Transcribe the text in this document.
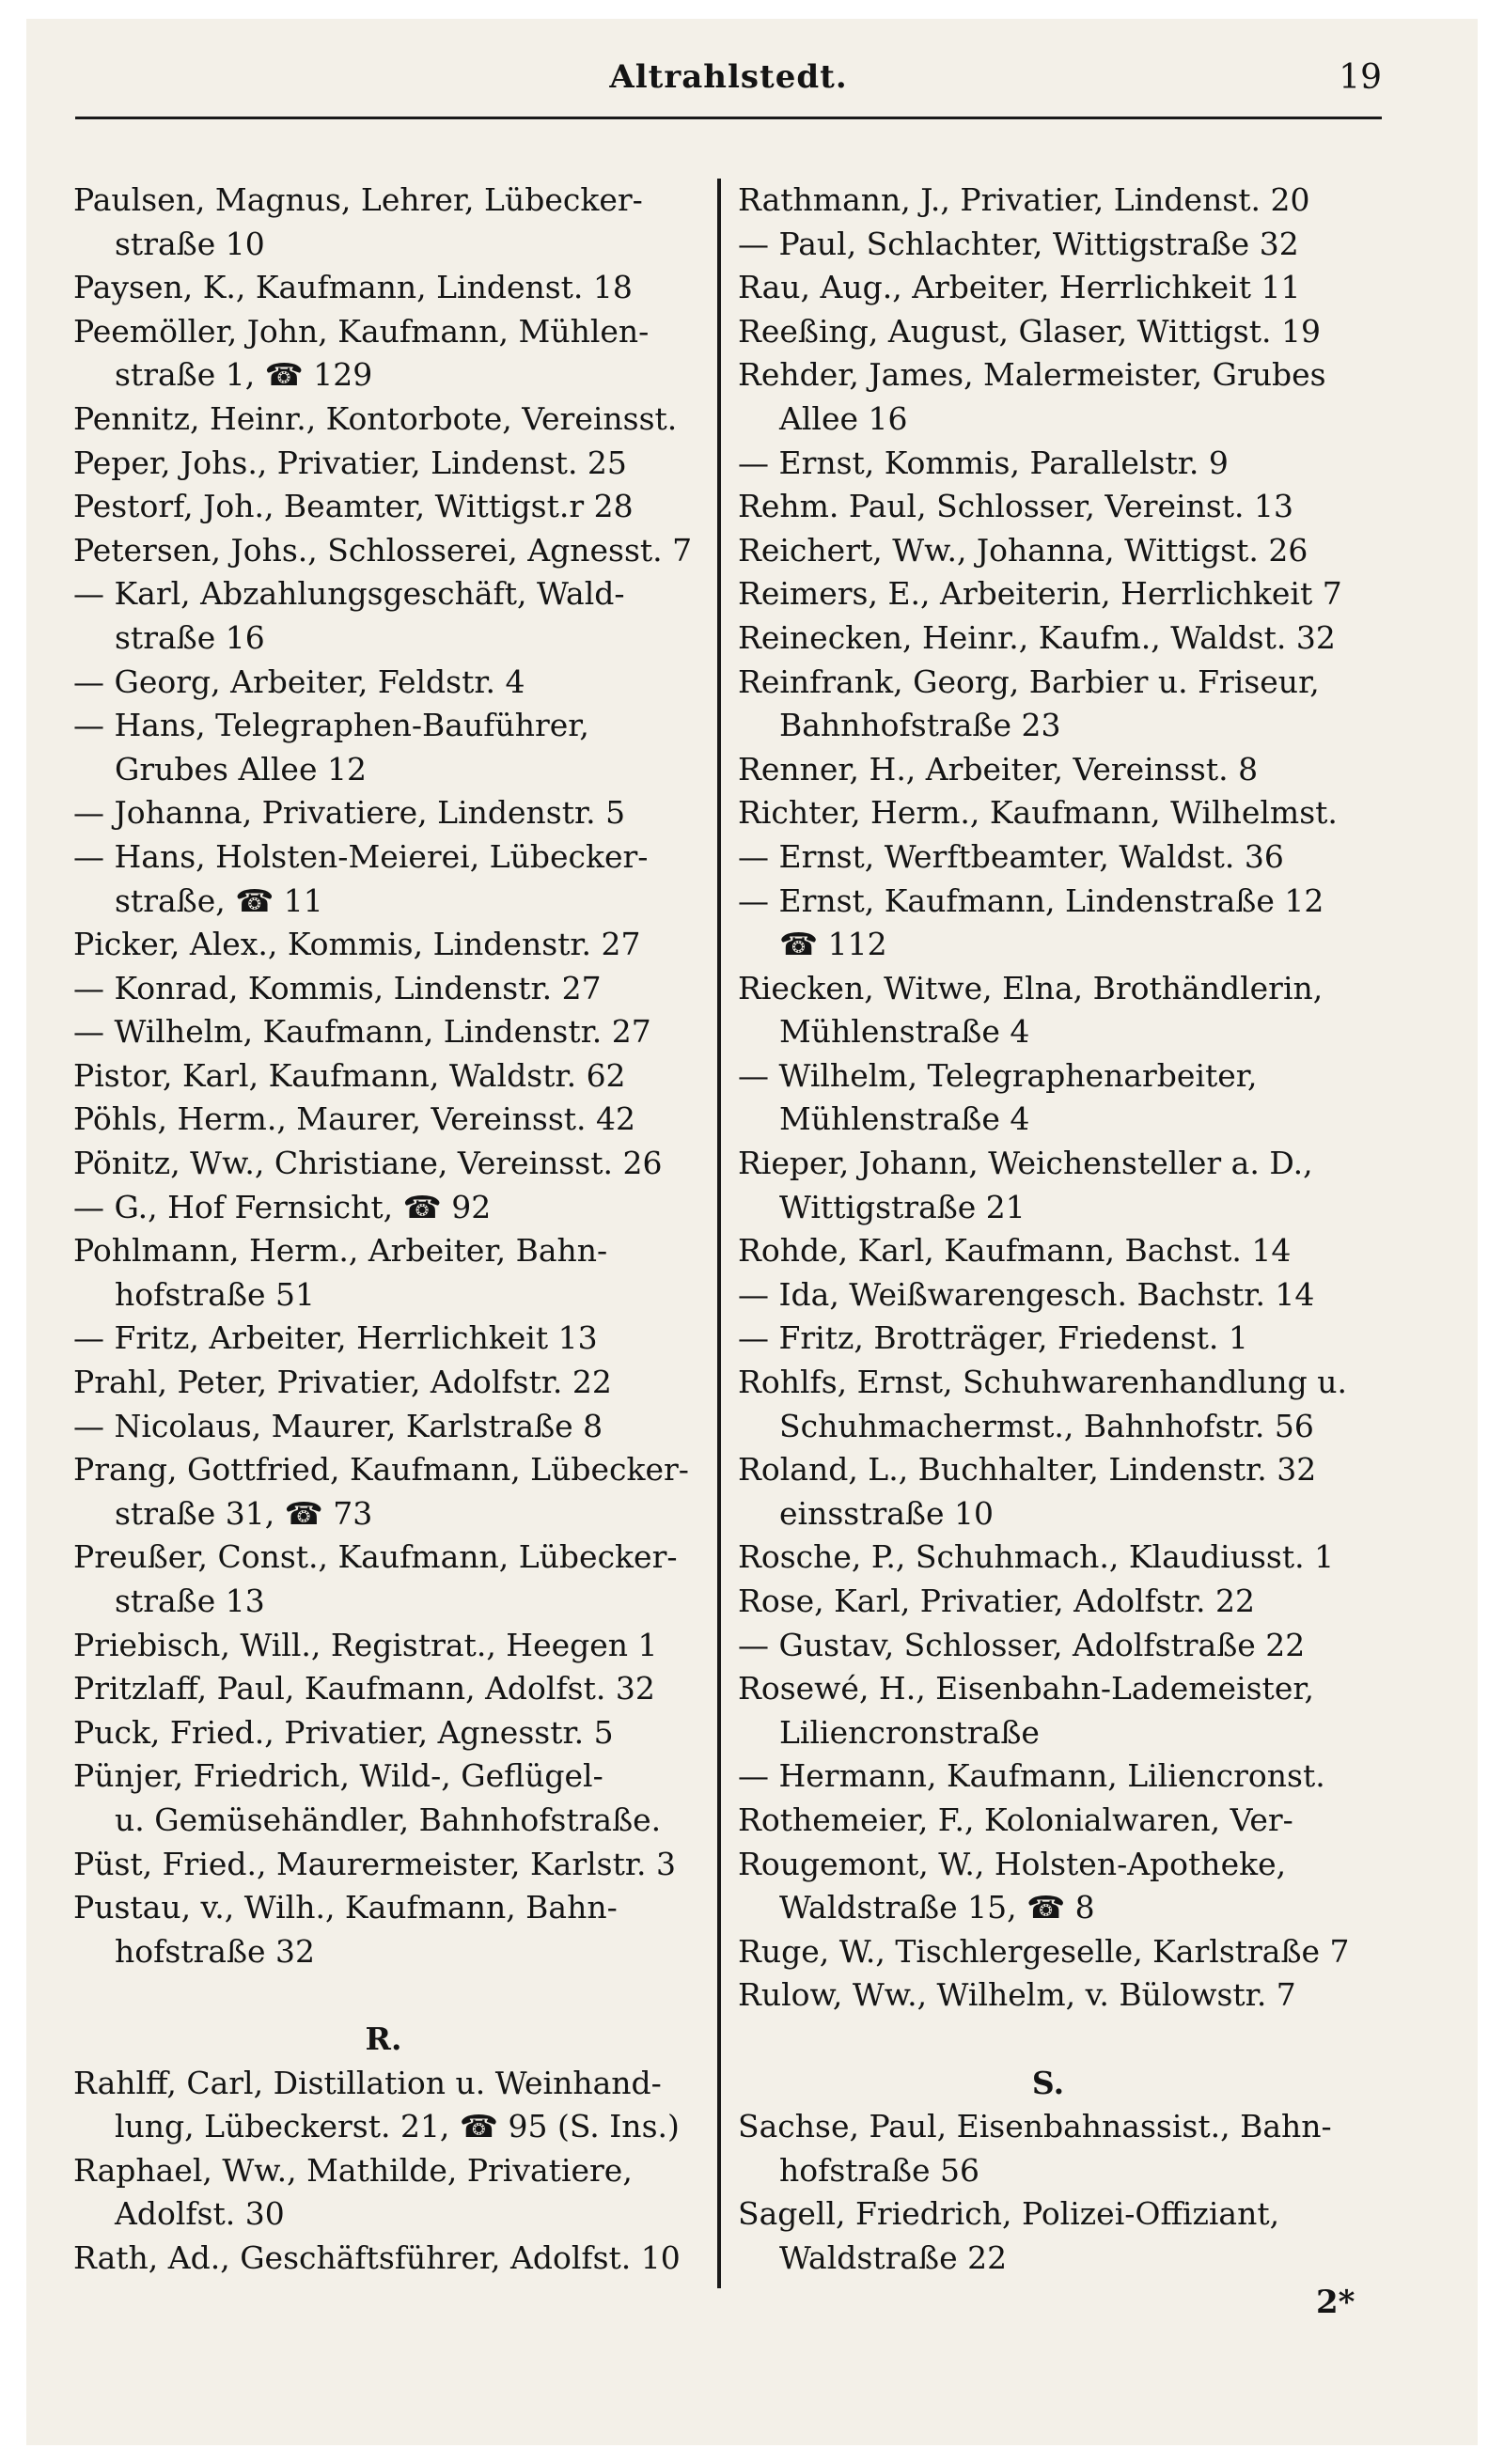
Altrahlstedt.	19
Paulsen, Magnus, Lehrer, Lübecker-
straße 10
Paysen, K., Kaufmann, Lindenst. 18
Peemöller, John, Kaufmann, Mühlen-
straße 1, ☎ 129
Pennitz, Heinr., Kontorbote, Vereinsst.
Peper, Johs., Privatier, Lindenst. 25
Pestorf, Joh., Beamter, Wittigst.r 28
Petersen, Johs., Schlosserei, Agnesst. 7
— Karl, Abzahlungsgeschäft, Wald-
straße 16
— Georg, Arbeiter, Feldstr. 4
— Hans, Telegraphen-Bauführer,
Grubes Allee 12
— Johanna, Privatiere, Lindenstr. 5
— Hans, Holsten-Meierei, Lübecker-
straße, ☎ 11
Picker, Alex., Kommis, Lindenstr. 27
— Konrad, Kommis, Lindenstr. 27
— Wilhelm, Kaufmann, Lindenstr. 27
Pistor, Karl, Kaufmann, Waldstr. 62
Pöhls, Herm., Maurer, Vereinsst. 42
Pönitz, Ww., Christiane, Vereinsst. 26
— G., Hof Fernsicht, ☎ 92
Pohlmann, Herm., Arbeiter, Bahn-
hofstraße 51
— Fritz, Arbeiter, Herrlichkeit 13
Prahl, Peter, Privatier, Adolfstr. 22
— Nicolaus, Maurer, Karlstraße 8
Prang, Gottfried, Kaufmann, Lübecker-
straße 31, ☎ 73
Preußer, Const., Kaufmann, Lübecker-
straße 13
Priebisch, Will., Registrat., Heegen 1
Pritzlaff, Paul, Kaufmann, Adolfst. 32
Puck, Fried., Privatier, Agnesstr. 5
Pünjer, Friedrich, Wild-, Geflügel-
u. Gemüsehändler, Bahnhofstraße.
Püst, Fried., Maurermeister, Karlstr. 3
Pustau, v., Wilh., Kaufmann, Bahn-
hofstraße 32
R.
Rahlff, Carl, Distillation u. Weinhand-
lung, Lübeckerst. 21, ☎ 95 (S. Ins.)
Raphael, Ww., Mathilde, Privatiere,
Adolfst. 30
Rath, Ad., Geschäftsführer, Adolfst. 10
Rathmann, J., Privatier, Lindenst. 20
— Paul, Schlachter, Wittigstraße 32
Rau, Aug., Arbeiter, Herrlichkeit 11
Reeßing, August, Glaser, Wittigst. 19
Rehder, James, Malermeister, Grubes
Allee 16
— Ernst, Kommis, Parallelstr. 9
Rehm. Paul, Schlosser, Vereinst. 13
Reichert, Ww., Johanna, Wittigst. 26
Reimers, E., Arbeiterin, Herrlichkeit 7
Reinecken, Heinr., Kaufm., Waldst. 32
Reinfrank, Georg, Barbier u. Friseur,
Bahnhofstraße 23
Renner, H., Arbeiter, Vereinsst. 8
Richter, Herm., Kaufmann, Wilhelmst.
— Ernst, Werftbeamter, Waldst. 36
— Ernst, Kaufmann, Lindenstraße 12
☎ 112
Riecken, Witwe, Elna, Brothändlerin,
Mühlenstraße 4
— Wilhelm, Telegraphenarbeiter,
Mühlenstraße 4
Rieper, Johann, Weichensteller a. D.,
Wittigstraße 21
Rohde, Karl, Kaufmann, Bachst. 14
— Ida, Weißwarengesch. Bachstr. 14
— Fritz, Brotträger, Friedenst. 1
Rohlfs, Ernst, Schuhwarenhandlung u.
Schuhmachermst., Bahnhofstr. 56
Roland, L., Buchhalter, Lindenstr. 32
einsstraße 10
Rosche, P., Schuhmach., Klaudiusst. 1
Rose, Karl, Privatier, Adolfstr. 22
— Gustav, Schlosser, Adolfstraße 22
Rosewé, H., Eisenbahn-Lademeister,
Liliencronstraße
— Hermann, Kaufmann, Liliencronst.
Rothemeier, F., Kolonialwaren, Ver-
Rougemont, W., Holsten-Apotheke,
Waldstraße 15, ☎ 8
Ruge, W., Tischlergeselle, Karlstraße 7
Rulow, Ww., Wilhelm, v. Bülowstr. 7
S.
Sachse, Paul, Eisenbahnassist., Bahn-
hofstraße 56
Sagell, Friedrich, Polizei-Offiziant,
Waldstraße 22
2*
